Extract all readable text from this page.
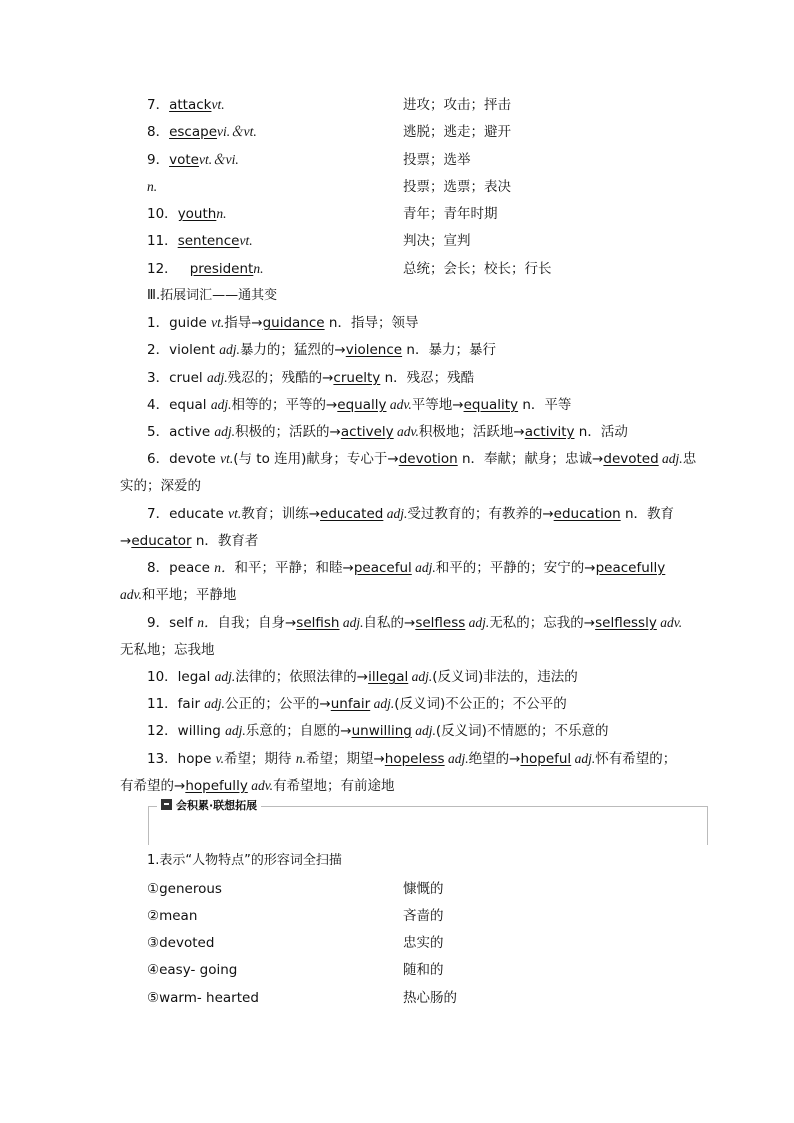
7．attackvt.	进攻；攻击；抨击
8．escapevi.＆vt.	逃脱；逃走；避开
9．votevt.＆vi.	投票；选举
n.	投票；选票；表决
10．youthn.	青年；青年时期
11．sentencevt.	判决；宣判
12． presidentn.	总统；会长；校长；行长
Ⅲ.拓展词汇——通其变
1．guide vt.指导→guidance n．指导；领导
2．violent adj.暴力的；猛烈的→violence n．暴力；暴行
3．cruel adj.残忍的；残酷的→cruelty n．残忍；残酷
4．equal adj.相等的；平等的→equally adv.平等地→equality n．平等
5．active adj.积极的；活跃的→actively adv.积极地；活跃地→activity n．活动
6．devote vt.(与 to 连用)献身；专心于→devotion n．奉献；献身；忠诚→devoted adj.忠
实的；深爱的
7．educate vt.教育；训练→educated adj.受过教育的；有教养的→education n．教育
→educator n．教育者
8．peace n．和平；平静；和睦→peaceful adj.和平的；平静的；安宁的→peacefully
adv.和平地；平静地
9．self n．自我；自身→selfish adj.自私的→selfless adj.无私的；忘我的→selflessly adv.
无私地；忘我地
10．legal adj.法律的；依照法律的→illegal adj.(反义词)非法的，违法的
11．fair adj.公正的；公平的→unfair adj.(反义词)不公正的；不公平的
12．willing adj.乐意的；自愿的→unwilling adj.(反义词)不情愿的；不乐意的
13．hope v.希望；期待 n.希望；期望→hopeless adj.绝望的→hopeful adj.怀有希望的；
有希望的→hopefully adv.有希望地；有前途地
会积累·联想拓展
1.表示“人物特点”的形容词全扫描
①generous	慷慨的
②mean	吝啬的
③devoted	忠实的
④easy- going	随和的
⑤warm- hearted	热心肠的
